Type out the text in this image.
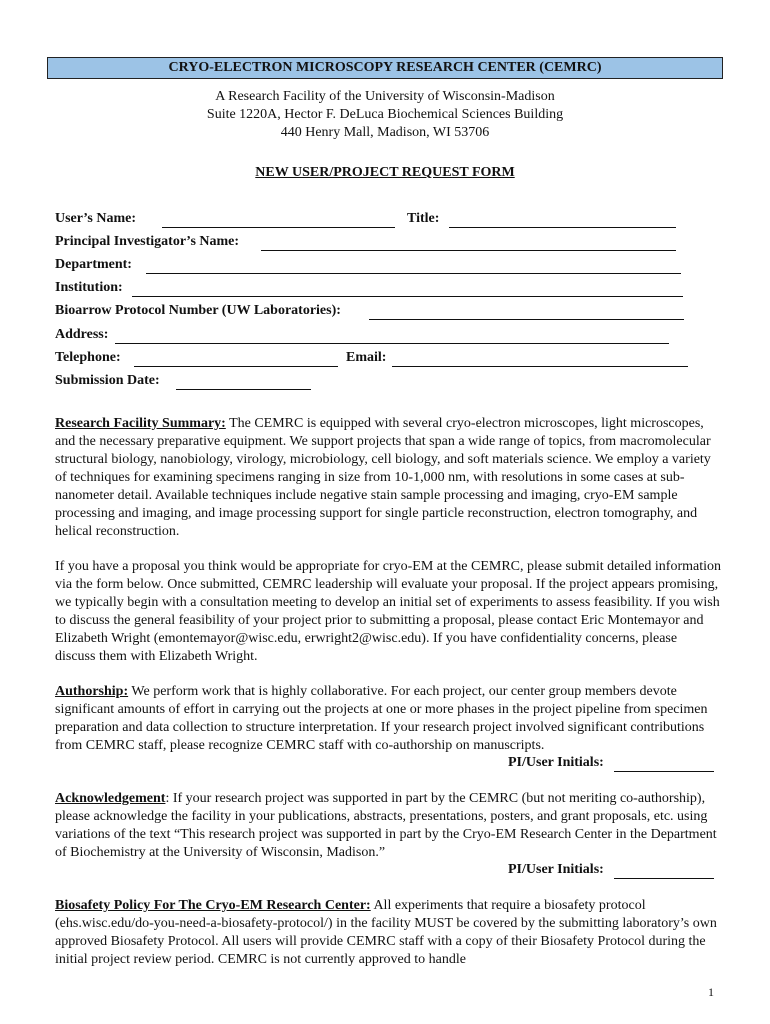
CRYO-ELECTRON MICROSCOPY RESEARCH CENTER (CEMRC)
A Research Facility of the University of Wisconsin-Madison
Suite 1220A, Hector F. DeLuca Biochemical Sciences Building
440 Henry Mall, Madison, WI 53706
NEW USER/PROJECT REQUEST FORM
User’s Name:	Title:
Principal Investigator’s Name:
Department:
Institution:
Bioarrow Protocol Number (UW Laboratories):
Address:
Telephone:	Email:
Submission Date:

Research Facility Summary: The CEMRC is equipped with several cryo-electron microscopes, light microscopes, and the necessary preparative equipment. We support projects that span a wide range of topics, from macromolecular structural biology, nanobiology, virology, microbiology, cell biology, and soft materials science. We employ a variety of techniques for examining specimens ranging in size from 10-1,000 nm, with resolutions in some cases at sub-nanometer detail. Available techniques include negative stain sample processing and imaging, cryo-EM sample processing and imaging, and image processing support for single particle reconstruction, electron tomography, and helical reconstruction.

If you have a proposal you think would be appropriate for cryo-EM at the CEMRC, please submit detailed information via the form below. Once submitted, CEMRC leadership will evaluate your proposal. If the project appears promising, we typically begin with a consultation meeting to develop an initial set of experiments to assess feasibility. If you wish to discuss the general feasibility of your project prior to submitting a proposal, please contact Eric Montemayor and Elizabeth Wright (emontemayor@wisc.edu, erwright2@wisc.edu). If you have confidentiality concerns, please discuss them with Elizabeth Wright.

Authorship: We perform work that is highly collaborative. For each project, our center group members devote significant amounts of effort in carrying out the projects at one or more phases in the project pipeline from specimen preparation and data collection to structure interpretation. If your research project involved significant contributions from CEMRC staff, please recognize CEMRC staff with co-authorship on manuscripts.

PI/User Initials:

Acknowledgement: If your research project was supported in part by the CEMRC (but not meriting co-authorship), please acknowledge the facility in your publications, abstracts, presentations, posters, and grant proposals, etc. using variations of the text “This research project was supported in part by the Cryo-EM Research Center in the Department of Biochemistry at the University of Wisconsin, Madison.”

PI/User Initials:

Biosafety Policy For The Cryo-EM Research Center: All experiments that require a biosafety protocol (ehs.wisc.edu/do-you-need-a-biosafety-protocol/) in the facility MUST be covered by the submitting laboratory’s own approved Biosafety Protocol. All users will provide CEMRC staff with a copy of their Biosafety Protocol during the initial project review period. CEMRC is not currently approved to handle

1
